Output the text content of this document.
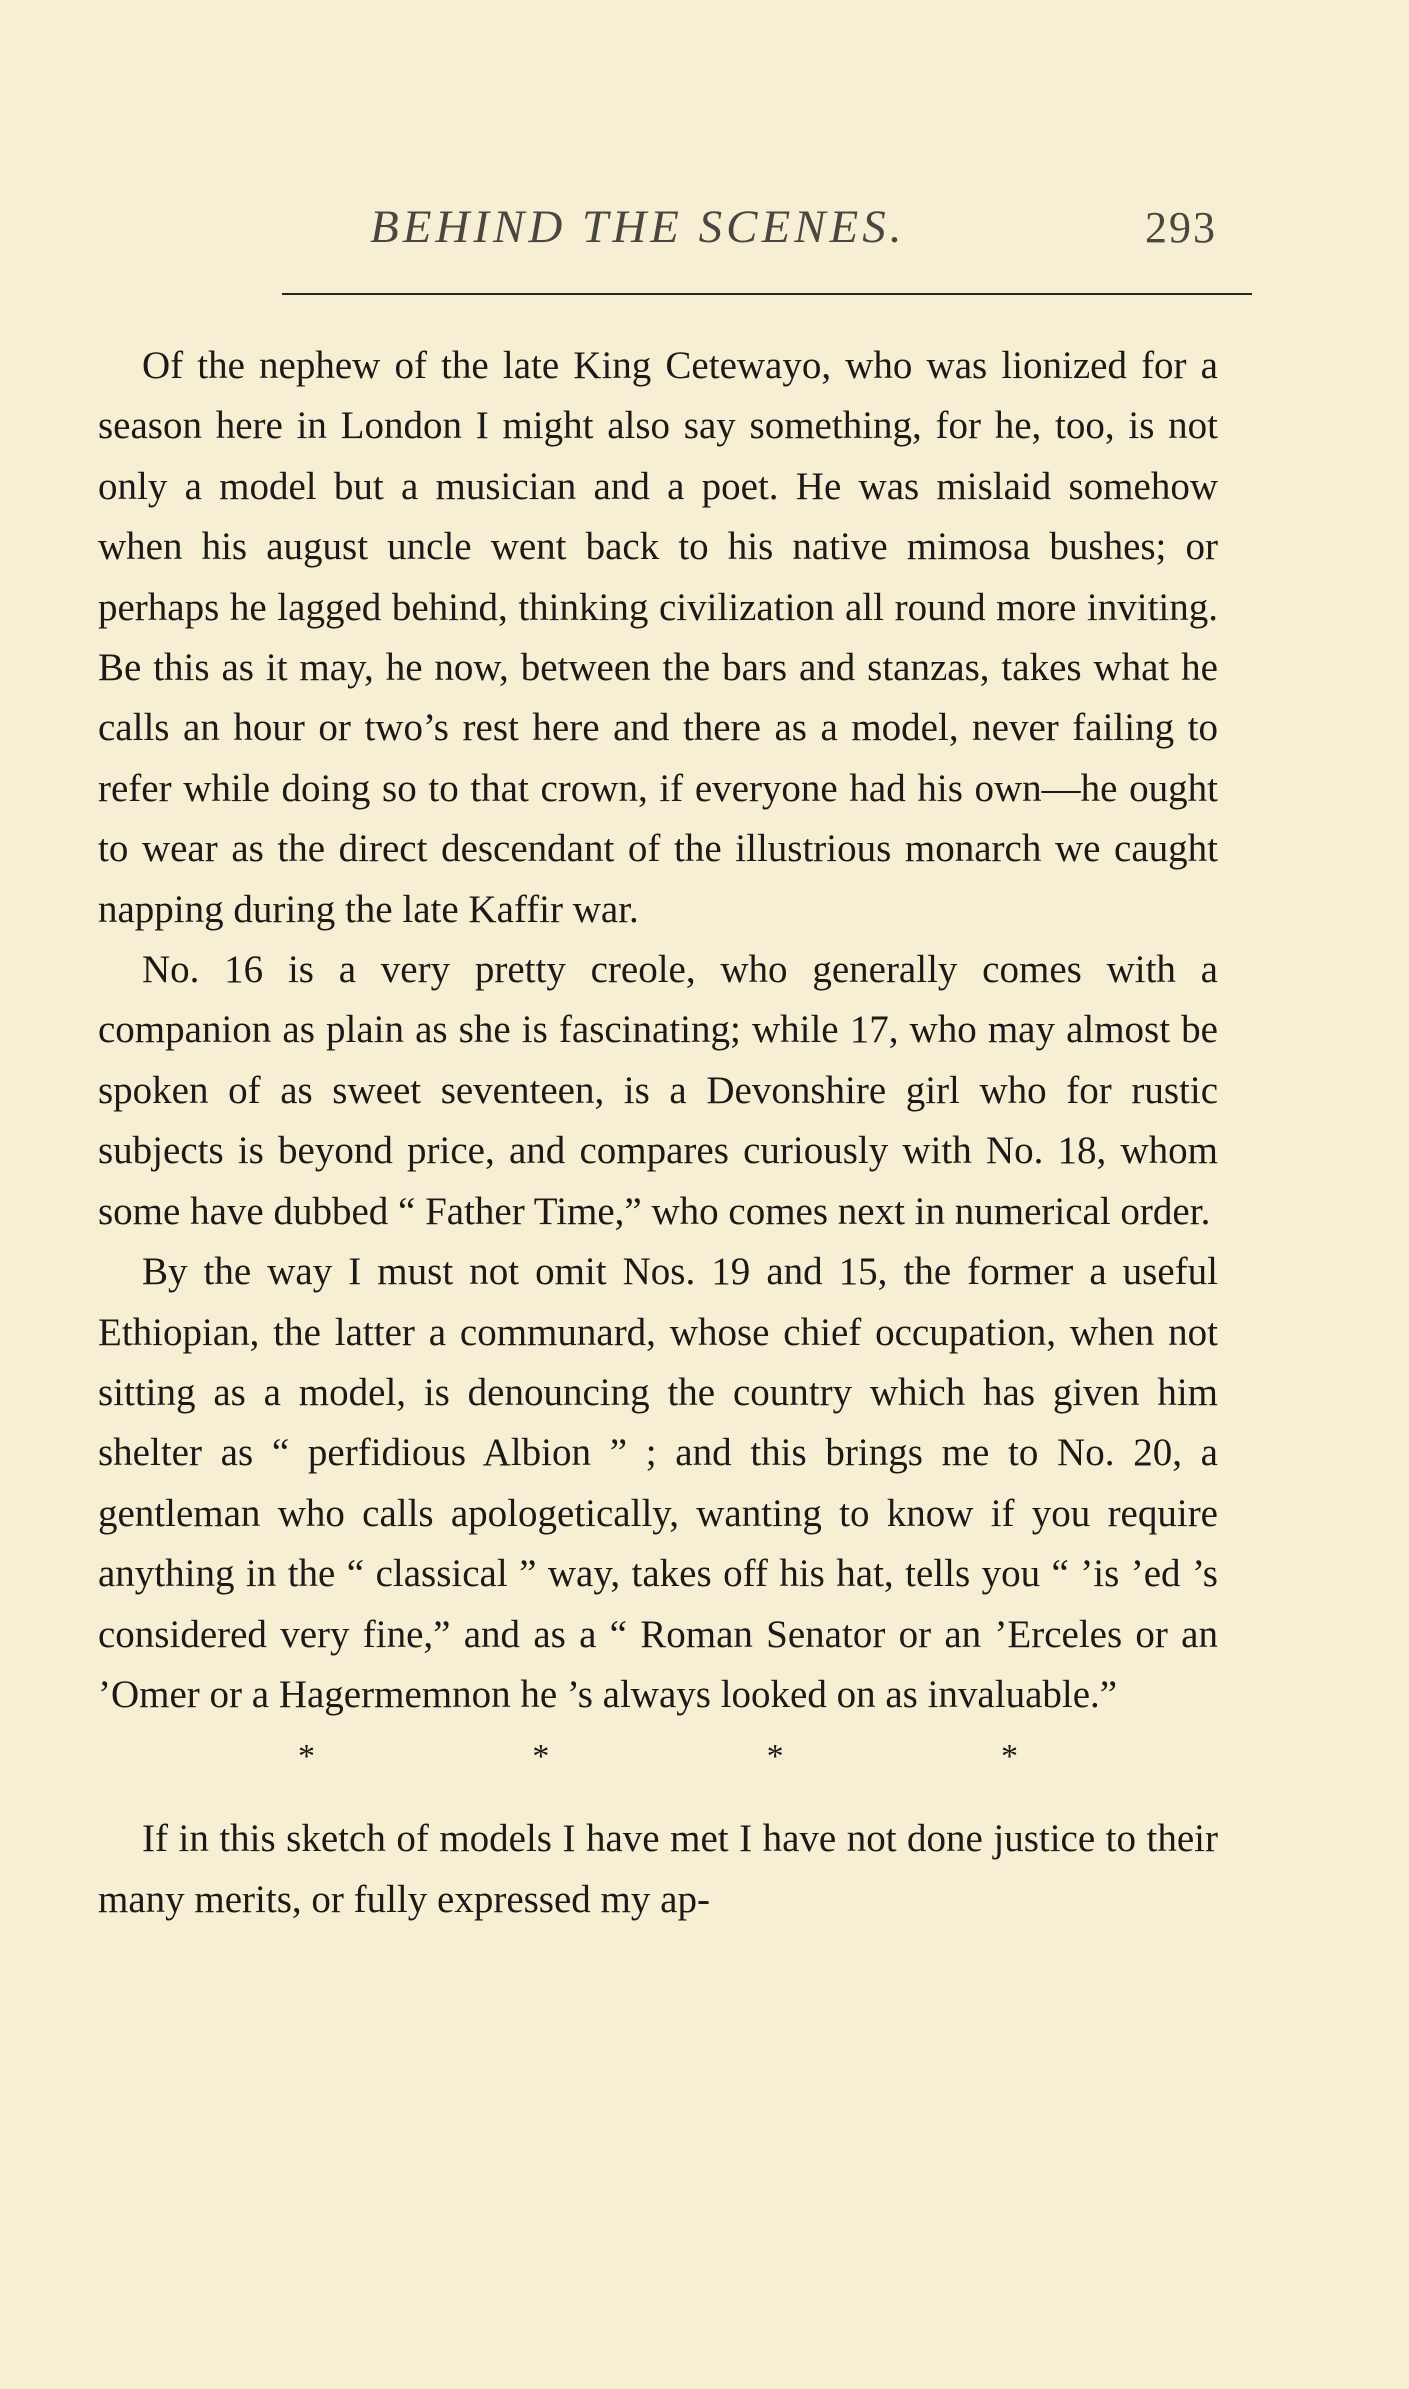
BEHIND THE SCENES.	293

Of the nephew of the late King Cetewayo, who was lionized for a season here in London I might also say something, for he, too, is not only a model but a musician and a poet. He was mislaid somehow when his august uncle went back to his native mimosa bushes; or perhaps he lagged behind, thinking civilization all round more inviting. Be this as it may, he now, between the bars and stanzas, takes what he calls an hour or two’s rest here and there as a model, never failing to refer while doing so to that crown, if everyone had his own—he ought to wear as the direct descendant of the illustrious monarch we caught napping during the late Kaffir war.

No. 16 is a very pretty creole, who generally comes with a companion as plain as she is fascinating; while 17, who may almost be spoken of as sweet seventeen, is a Devonshire girl who for rustic subjects is beyond price, and compares curiously with No. 18, whom some have dubbed “ Father Time,” who comes next in numerical order.

By the way I must not omit Nos. 19 and 15, the former a useful Ethiopian, the latter a communard, whose chief occupation, when not sitting as a model, is denouncing the country which has given him shelter as “ perfidious Albion ” ; and this brings me to No. 20, a gentleman who calls apologetically, wanting to know if you require anything in the “ classical ” way, takes off his hat, tells you “ ’is ’ed ’s considered very fine,” and as a “ Roman Senator or an ’Erceles or an ’Omer or a Hagermemnon he ’s always looked on as invaluable.”

*	*	*	*

If in this sketch of models I have met I have not done justice to their many merits, or fully expressed my ap-
